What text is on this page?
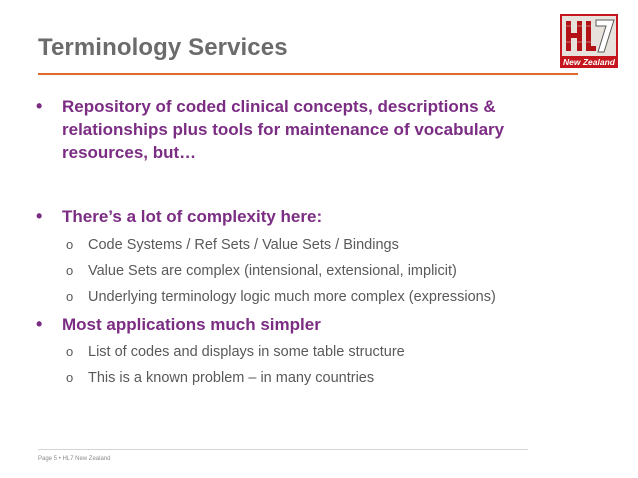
Terminology Services
New Zealand
• Repository of coded clinical concepts, descriptions & relationships plus tools for maintenance of vocabulary resources, but…
• There’s a lot of complexity here:
o Code Systems / Ref Sets / Value Sets / Bindings
o Value Sets are complex (intensional, extensional, implicit)
o Underlying terminology logic much more complex (expressions)
• Most applications much simpler
o List of codes and displays in some table structure
o This is a known problem – in many countries
Page 5 • HL7 New Zealand
